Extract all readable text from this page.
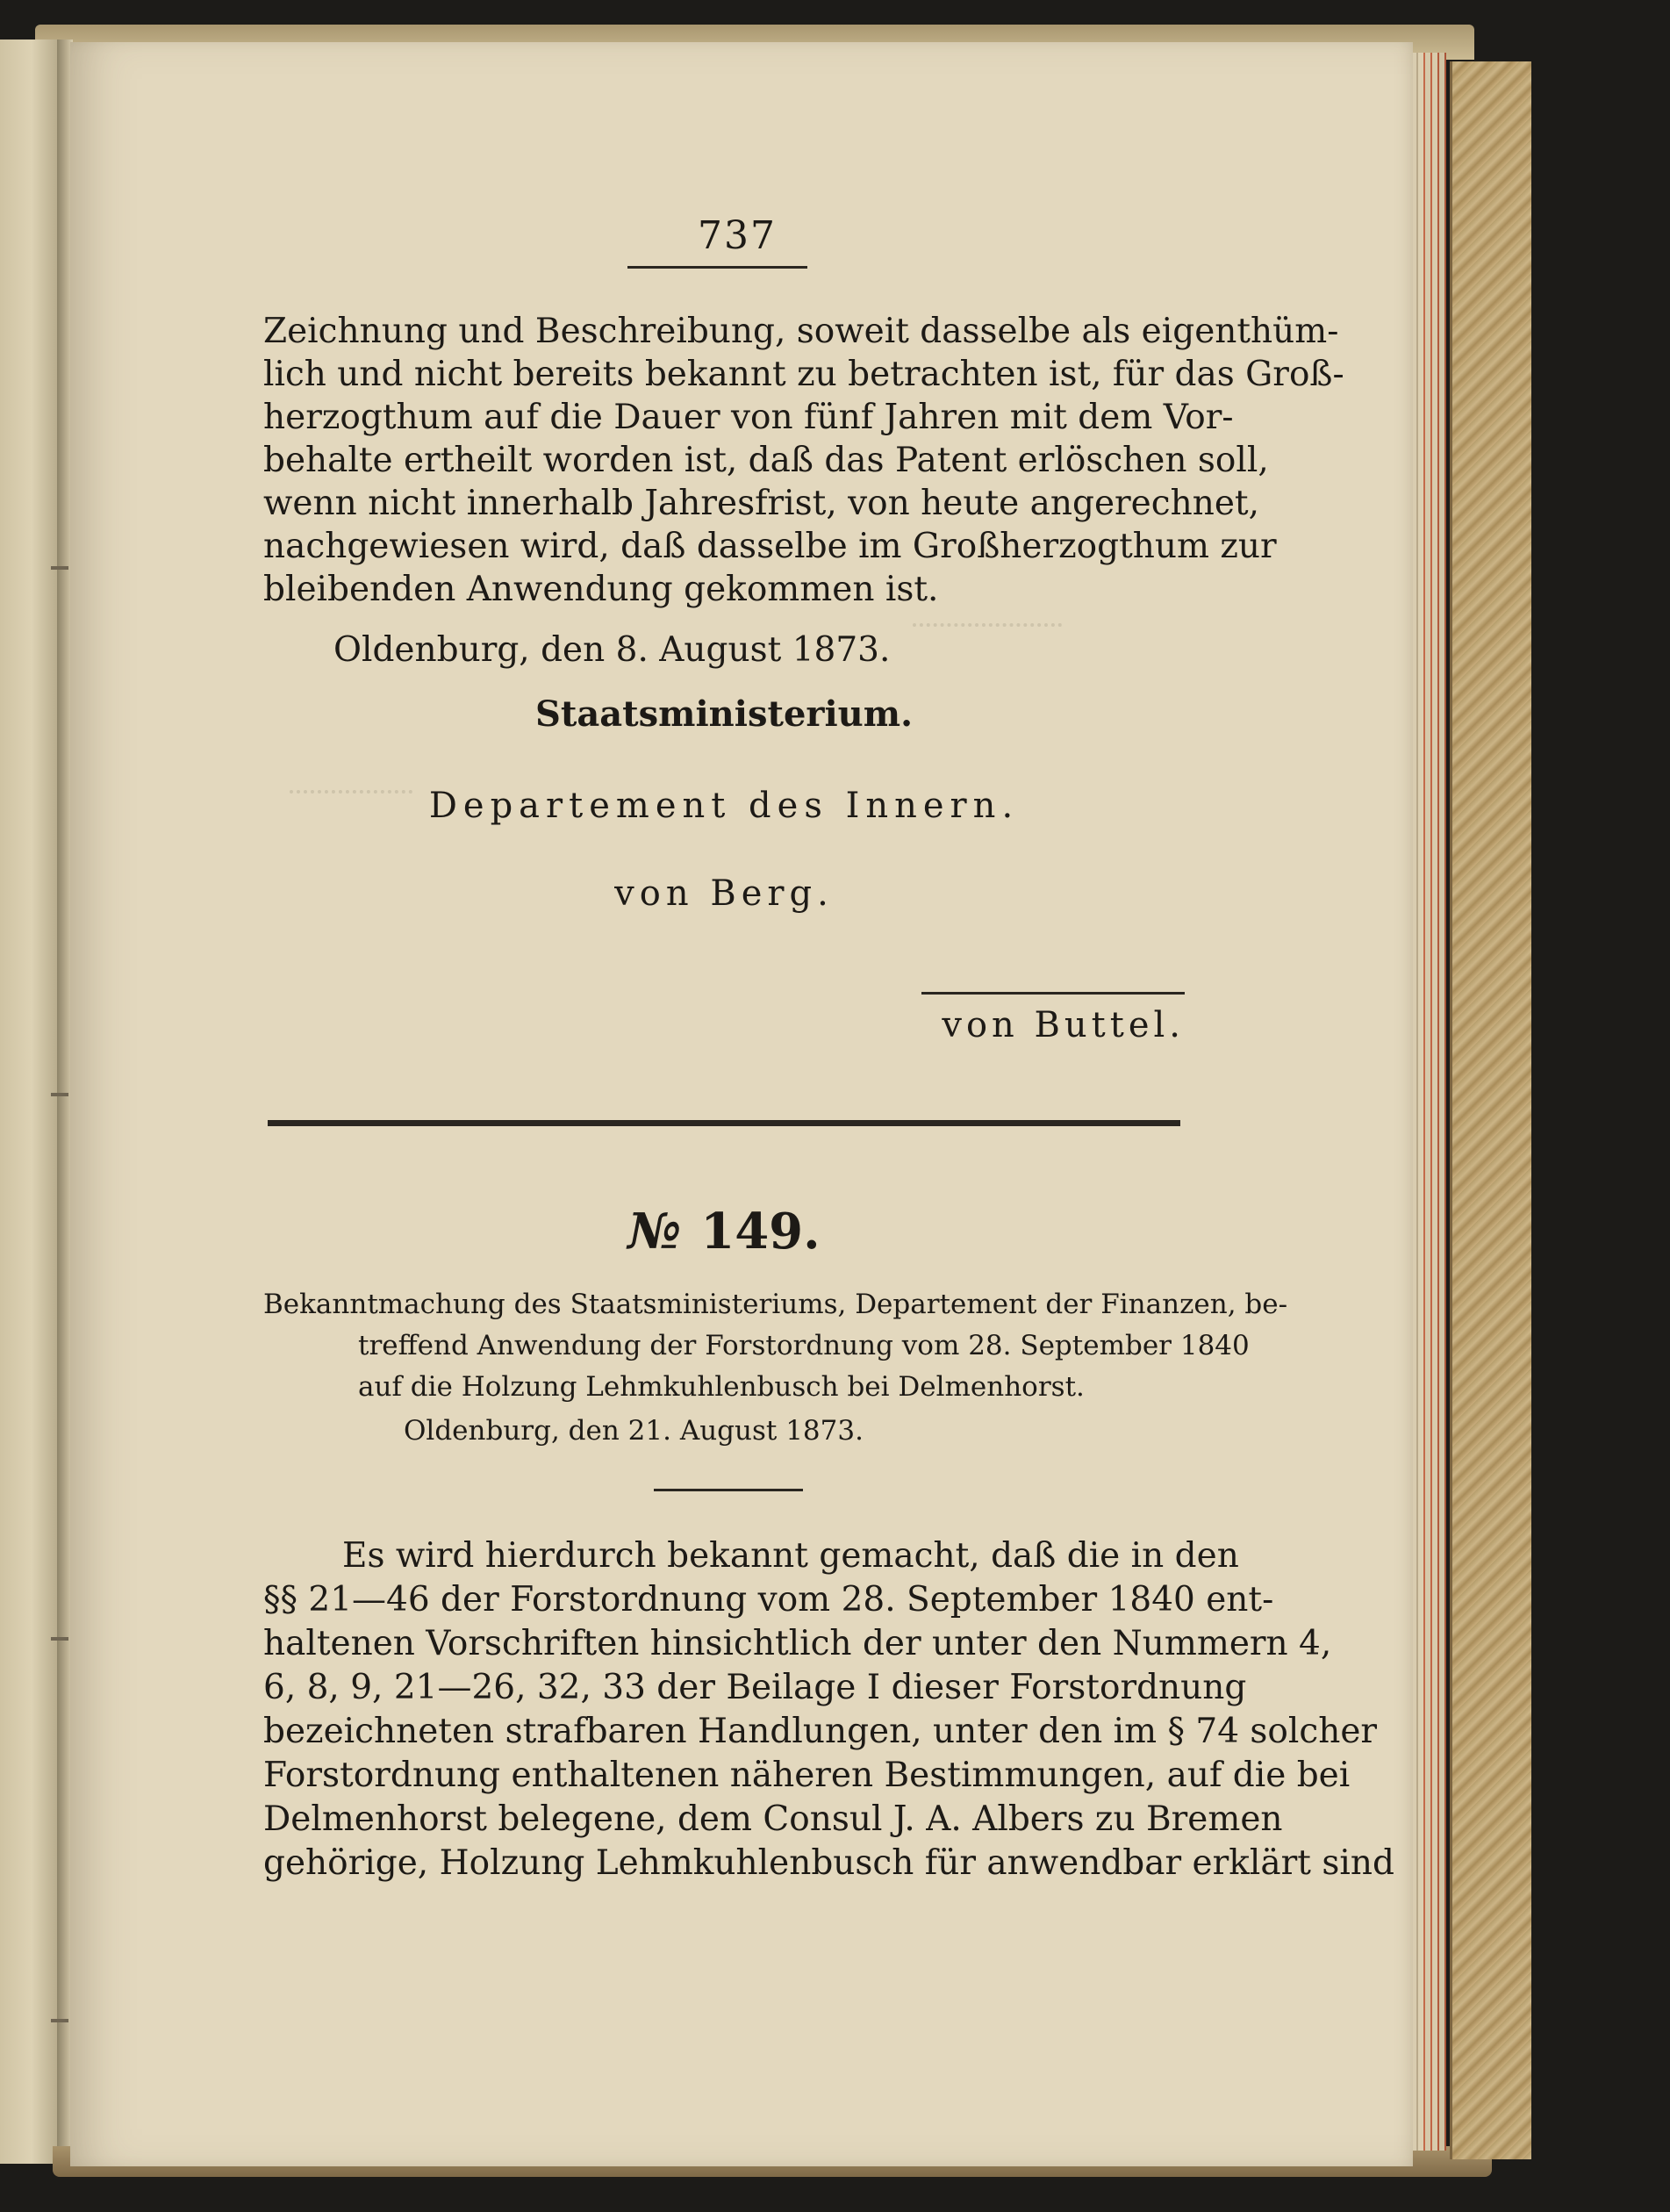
737
Zeichnung und Beschreibung, soweit dasselbe als eigenthüm-
lich und nicht bereits bekannt zu betrachten ist, für das Groß-
herzogthum auf die Dauer von fünf Jahren mit dem Vor-
behalte ertheilt worden ist, daß das Patent erlöschen soll,
wenn nicht innerhalb Jahresfrist, von heute angerechnet,
nachgewiesen wird, daß dasselbe im Großherzogthum zur
bleibenden Anwendung gekommen ist.
Oldenburg, den 8. August 1873.
Staatsministerium.
Departement des Innern.
von Berg.
von Buttel.
№ 149.
Bekanntmachung des Staatsministeriums, Departement der Finanzen, be-
treffend Anwendung der Forstordnung vom 28. September 1840
auf die Holzung Lehmkuhlenbusch bei Delmenhorst.
Oldenburg, den 21. August 1873.
Es wird hierdurch bekannt gemacht, daß die in den
§§ 21—46 der Forstordnung vom 28. September 1840 ent-
haltenen Vorschriften hinsichtlich der unter den Nummern 4,
6, 8, 9, 21—26, 32, 33 der Beilage I dieser Forstordnung
bezeichneten strafbaren Handlungen, unter den im § 74 solcher
Forstordnung enthaltenen näheren Bestimmungen, auf die bei
Delmenhorst belegene, dem Consul J. A. Albers zu Bremen
gehörige, Holzung Lehmkuhlenbusch für anwendbar erklärt sind
